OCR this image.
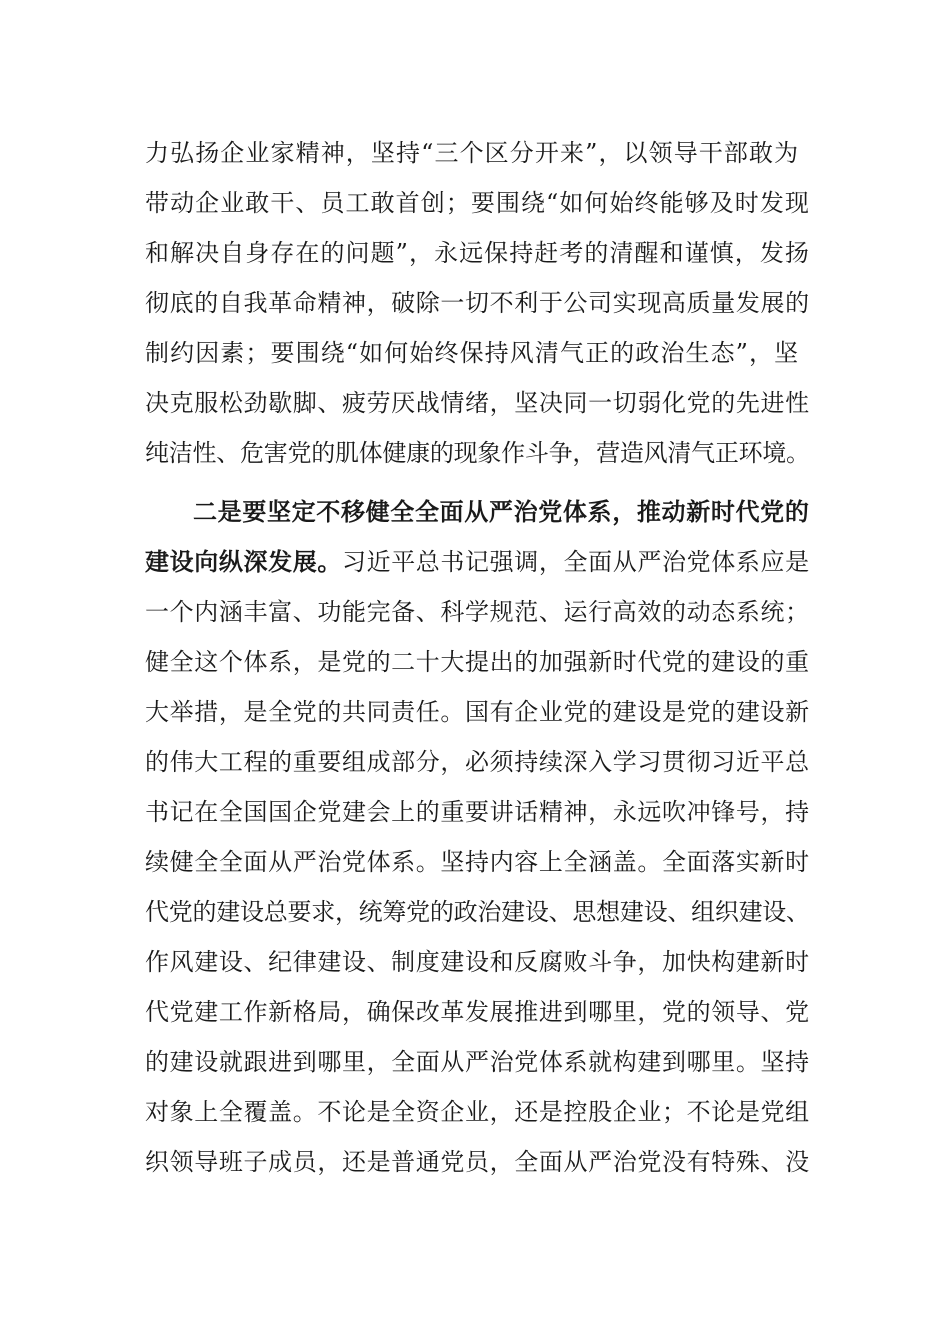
力弘扬企业家精神，坚持“三个区分开来”，以领导干部敢为
带动企业敢干、员工敢首创；要围绕“如何始终能够及时发现
和解决自身存在的问题”，永远保持赶考的清醒和谨慎，发扬
彻底的自我革命精神，破除一切不利于公司实现高质量发展的
制约因素；要围绕“如何始终保持风清气正的政治生态”，坚
决克服松劲歇脚、疲劳厌战情绪，坚决同一切弱化党的先进性
纯洁性、危害党的肌体健康的现象作斗争，营造风清气正环境。
二是要坚定不移健全全面从严治党体系，推动新时代党的
建设向纵深发展。习近平总书记强调，全面从严治党体系应是
一个内涵丰富、功能完备、科学规范、运行高效的动态系统；
健全这个体系，是党的二十大提出的加强新时代党的建设的重
大举措，是全党的共同责任。国有企业党的建设是党的建设新
的伟大工程的重要组成部分，必须持续深入学习贯彻习近平总
书记在全国国企党建会上的重要讲话精神，永远吹冲锋号，持
续健全全面从严治党体系。坚持内容上全涵盖。全面落实新时
代党的建设总要求，统筹党的政治建设、思想建设、组织建设、
作风建设、纪律建设、制度建设和反腐败斗争，加快构建新时
代党建工作新格局，确保改革发展推进到哪里，党的领导、党
的建设就跟进到哪里，全面从严治党体系就构建到哪里。坚持
对象上全覆盖。不论是全资企业，还是控股企业；不论是党组
织领导班子成员，还是普通党员，全面从严治党没有特殊、没
